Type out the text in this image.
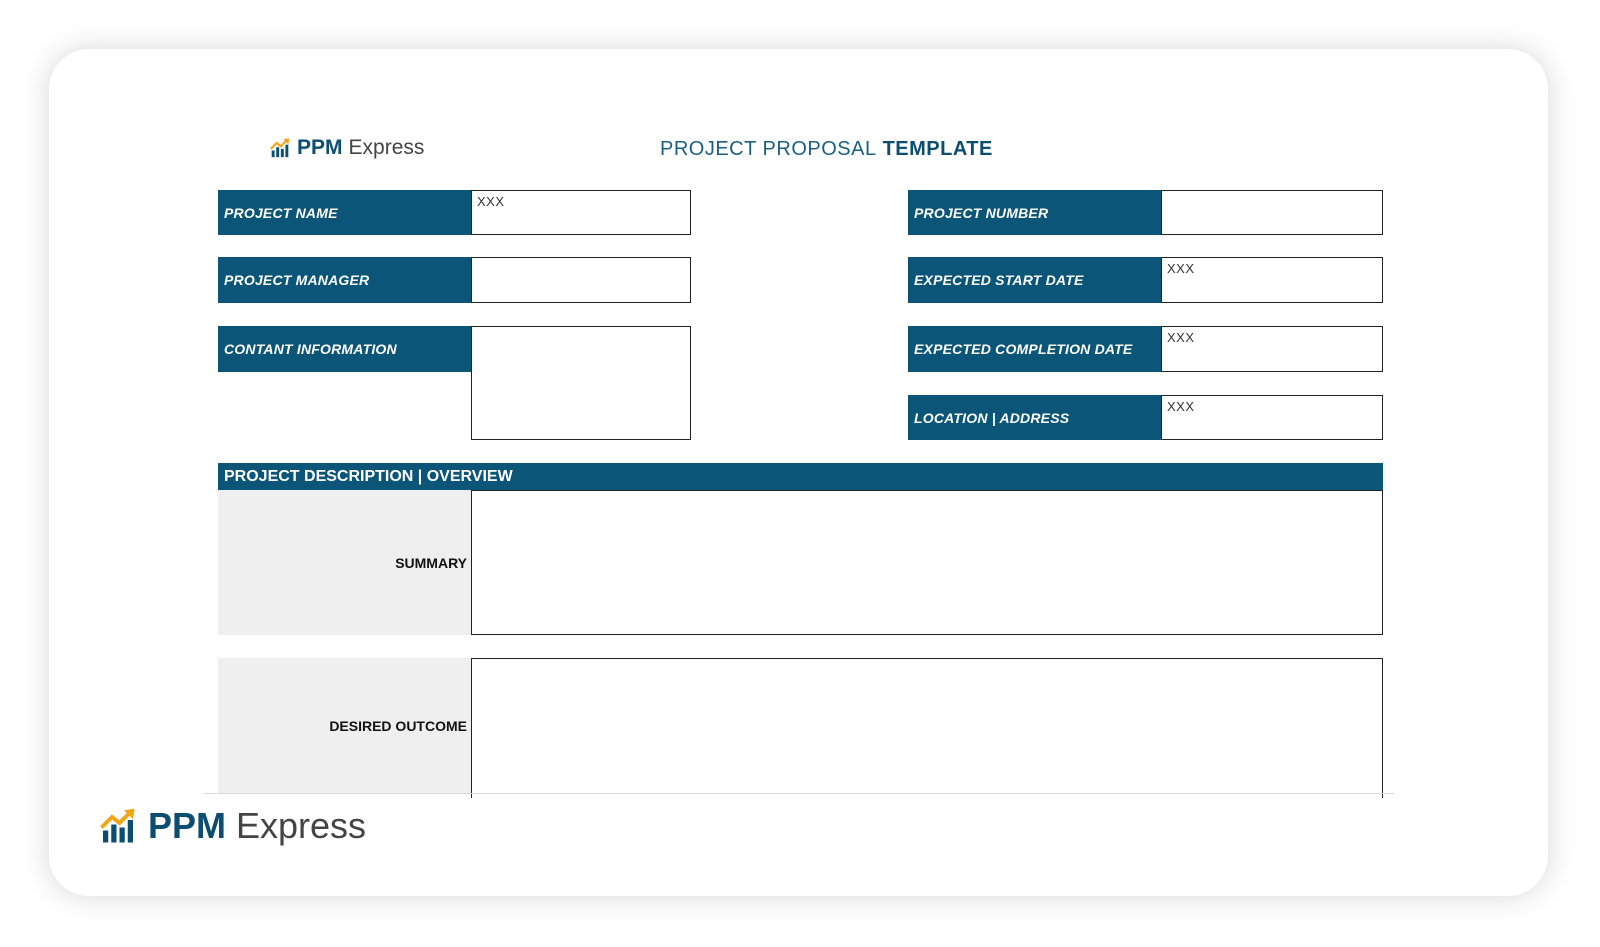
PPM Express	PROJECT PROPOSAL TEMPLATE
PROJECT NAME
XXX
PROJECT MANAGER
CONTANT INFORMATION
PROJECT NUMBER
EXPECTED START DATE
XXX
EXPECTED COMPLETION DATE
XXX
LOCATION | ADDRESS
XXX
PROJECT DESCRIPTION | OVERVIEW
SUMMARY
DESIRED OUTCOME
PPM Express
